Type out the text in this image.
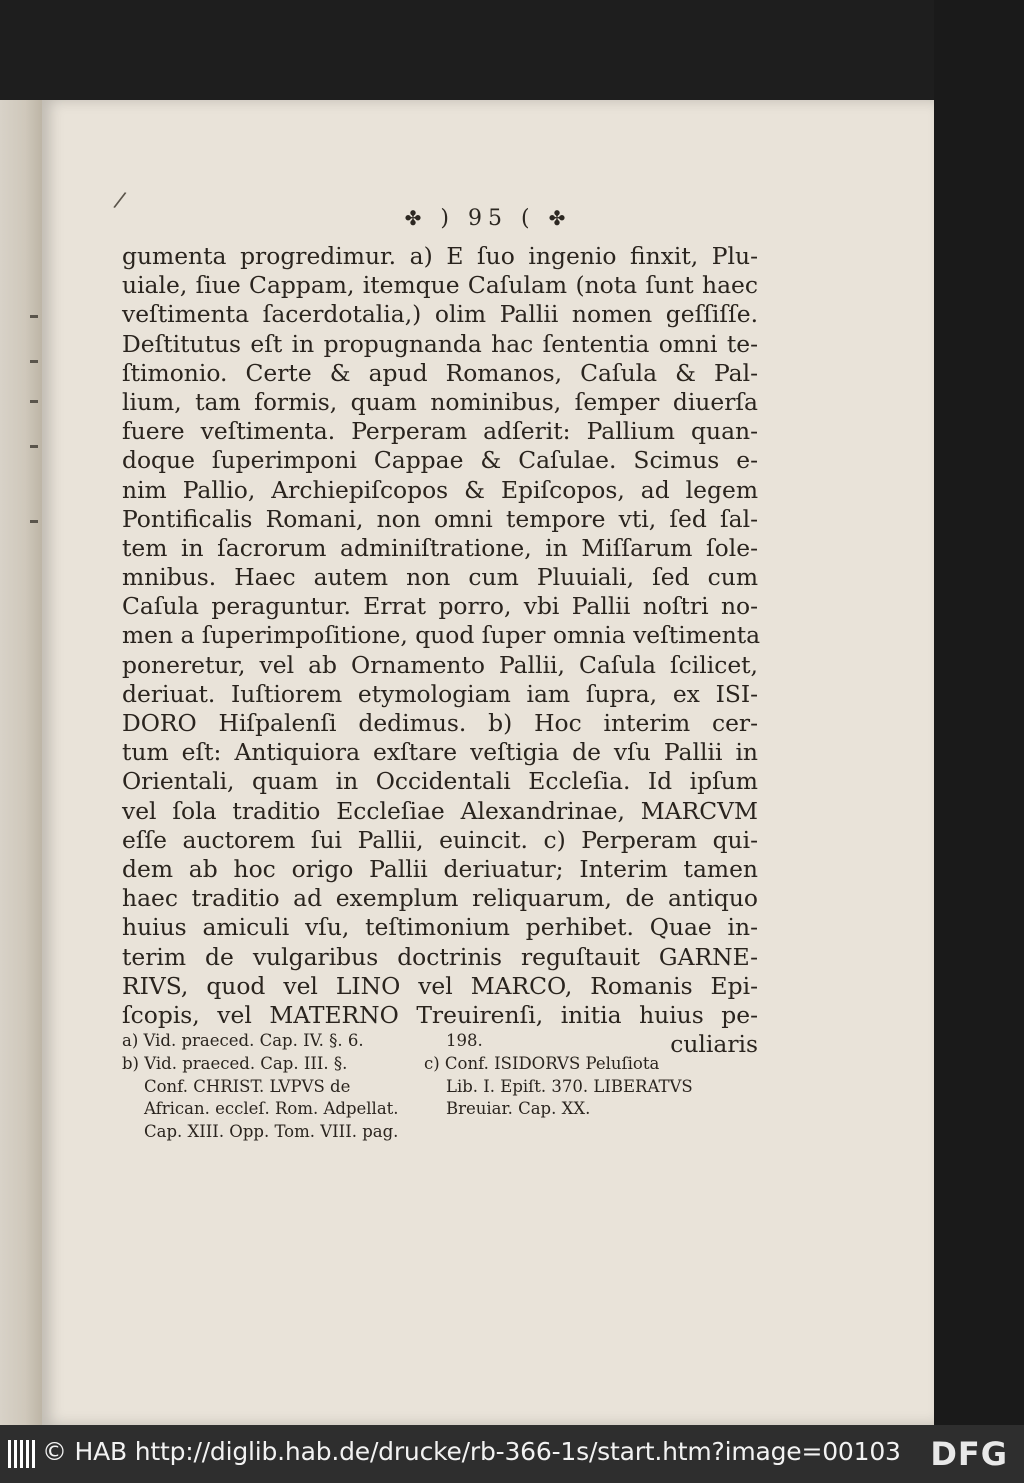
/
✤ ) 95 ( ✤
gumenta progredimur. a) E ſuo ingenio finxit, Plu-
uiale, ſiue Cappam, itemque Caſulam (nota ſunt haec
veſtimenta ſacerdotalia,) olim Pallii nomen geſſiſſe.
Deſtitutus eſt in propugnanda hac ſententia omni te-
ſtimonio. Certe & apud Romanos, Caſula & Pal-
lium, tam formis, quam nominibus, ſemper diuerſa
fuere veſtimenta. Perperam adſerit: Pallium quan-
doque ſuperimponi Cappae & Caſulae. Scimus e-
nim Pallio, Archiepiſcopos & Epiſcopos, ad legem
Pontificalis Romani, non omni tempore vti, ſed ſal-
tem in ſacrorum adminiſtratione, in Miſſarum ſole-
mnibus. Haec autem non cum Pluuiali, ſed cum
Caſula peraguntur. Errat porro, vbi Pallii noſtri no-
men a ſuperimpoſitione, quod ſuper omnia veſtimenta
poneretur, vel ab Ornamento Pallii, Caſula ſcilicet,
deriuat. Iuſtiorem etymologiam iam ſupra, ex ISI-
DORO Hiſpalenſi dedimus. b) Hoc interim cer-
tum eſt: Antiquiora exſtare veſtigia de vſu Pallii in
Orientali, quam in Occidentali Eccleſia. Id ipſum
vel ſola traditio Eccleſiae Alexandrinae, MARCVM
eſſe auctorem ſui Pallii, euincit. c) Perperam qui-
dem ab hoc origo Pallii deriuatur; Interim tamen
haec traditio ad exemplum reliquarum, de antiquo
huius amiculi vſu, teſtimonium perhibet. Quae in-
terim de vulgaribus doctrinis reguſtauit GARNE-
RIVS, quod vel LINO vel MARCO, Romanis Epi-
ſcopis, vel MATERNO Treuirenſi, initia huius pe-
culiaris
a) Vid. praeced. Cap. IV. §. 6.
b) Vid. praeced. Cap. III. §.
Conf. CHRIST. LVPVS de
African. eccleſ. Rom. Adpellat.
Cap. XIII. Opp. Tom. VIII. pag.
198.
c) Conf. ISIDORVS Peluſiota
Lib. I. Epiſt. 370. LIBERATVS
Breuiar. Cap. XX.
© HAB http://diglib.hab.de/drucke/rb-366-1s/start.htm?image=00103 DFG
